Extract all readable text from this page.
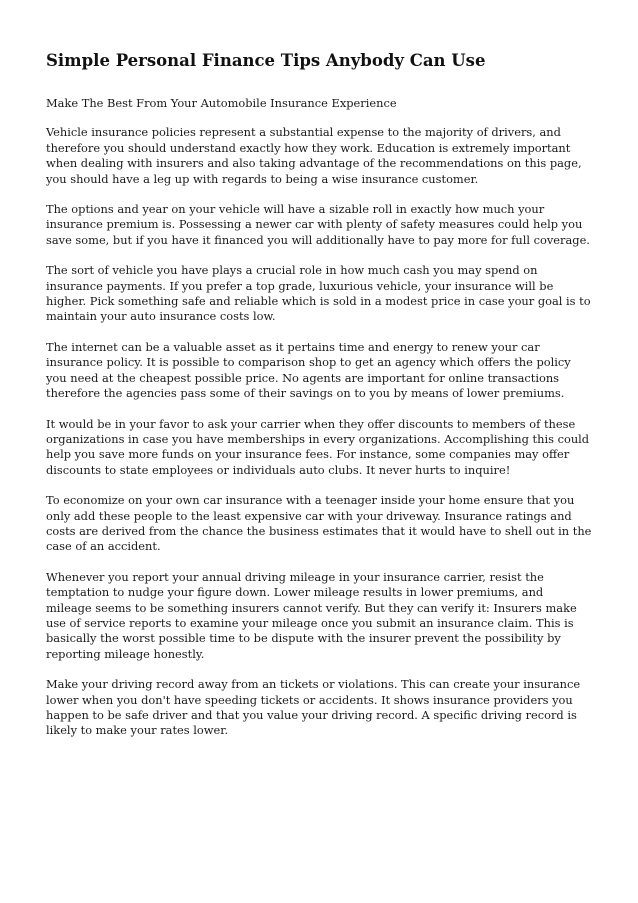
Simple Personal Finance Tips Anybody Can Use

Make The Best From Your Automobile Insurance Experience

Vehicle insurance policies represent a substantial expense to the majority of drivers, and therefore you should understand exactly how they work. Education is extremely important when dealing with insurers and also taking advantage of the recommendations on this page, you should have a leg up with regards to being a wise insurance customer.

The options and year on your vehicle will have a sizable roll in exactly how much your insurance premium is. Possessing a newer car with plenty of safety measures could help you save some, but if you have it financed you will additionally have to pay more for full coverage.

The sort of vehicle you have plays a crucial role in how much cash you may spend on insurance payments. If you prefer a top grade, luxurious vehicle, your insurance will be higher. Pick something safe and reliable which is sold in a modest price in case your goal is to maintain your auto insurance costs low.

The internet can be a valuable asset as it pertains time and energy to renew your car insurance policy. It is possible to comparison shop to get an agency which offers the policy you need at the cheapest possible price. No agents are important for online transactions therefore the agencies pass some of their savings on to you by means of lower premiums.

It would be in your favor to ask your carrier when they offer discounts to members of these organizations in case you have memberships in every organizations. Accomplishing this could help you save more funds on your insurance fees. For instance, some companies may offer discounts to state employees or individuals auto clubs. It never hurts to inquire!

To economize on your own car insurance with a teenager inside your home ensure that you only add these people to the least expensive car with your driveway. Insurance ratings and costs are derived from the chance the business estimates that it would have to shell out in the case of an accident.

Whenever you report your annual driving mileage in your insurance carrier, resist the temptation to nudge your figure down. Lower mileage results in lower premiums, and mileage seems to be something insurers cannot verify. But they can verify it: Insurers make use of service reports to examine your mileage once you submit an insurance claim. This is basically the worst possible time to be dispute with the insurer prevent the possibility by reporting mileage honestly.

Make your driving record away from an tickets or violations. This can create your insurance lower when you don't have speeding tickets or accidents. It shows insurance providers you happen to be safe driver and that you value your driving record. A specific driving record is likely to make your rates lower.
